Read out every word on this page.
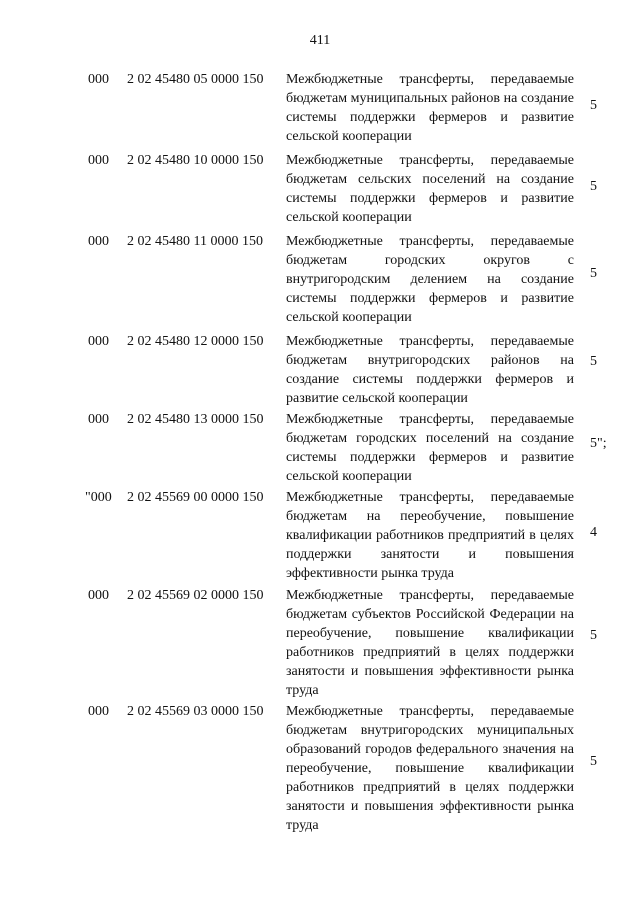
411
000 2 02 45480 05 0000 150 Межбюджетные трансферты, передаваемые бюджетам муниципальных районов на создание системы поддержки фермеров и развитие сельской кооперации
5
000 2 02 45480 10 0000 150 Межбюджетные трансферты, передаваемые бюджетам сельских поселений на создание системы поддержки фермеров и развитие сельской кооперации
5
000 2 02 45480 11 0000 150 Межбюджетные трансферты, передаваемые бюджетам городских округов с внутригородским делением на создание системы поддержки фермеров и развитие сельской кооперации
5
000 2 02 45480 12 0000 150 Межбюджетные трансферты, передаваемые бюджетам внутригородских районов на создание системы поддержки фермеров и развитие сельской кооперации
5
000 2 02 45480 13 0000 150 Межбюджетные трансферты, передаваемые бюджетам городских поселений на создание системы поддержки фермеров и развитие сельской кооперации
5";
"000 2 02 45569 00 0000 150 Межбюджетные трансферты, передаваемые бюджетам на переобучение, повышение квалификации работников предприятий в целях поддержки занятости и повышения эффективности рынка труда
4
000 2 02 45569 02 0000 150 Межбюджетные трансферты, передаваемые бюджетам субъектов Российской Федерации на переобучение, повышение квалификации работников предприятий в целях поддержки занятости и повышения эффективности рынка труда
5
000 2 02 45569 03 0000 150 Межбюджетные трансферты, передаваемые бюджетам внутригородских муниципальных образований городов федерального значения на переобучение, повышение квалификации работников предприятий в целях поддержки занятости и повышения эффективности рынка труда
5
